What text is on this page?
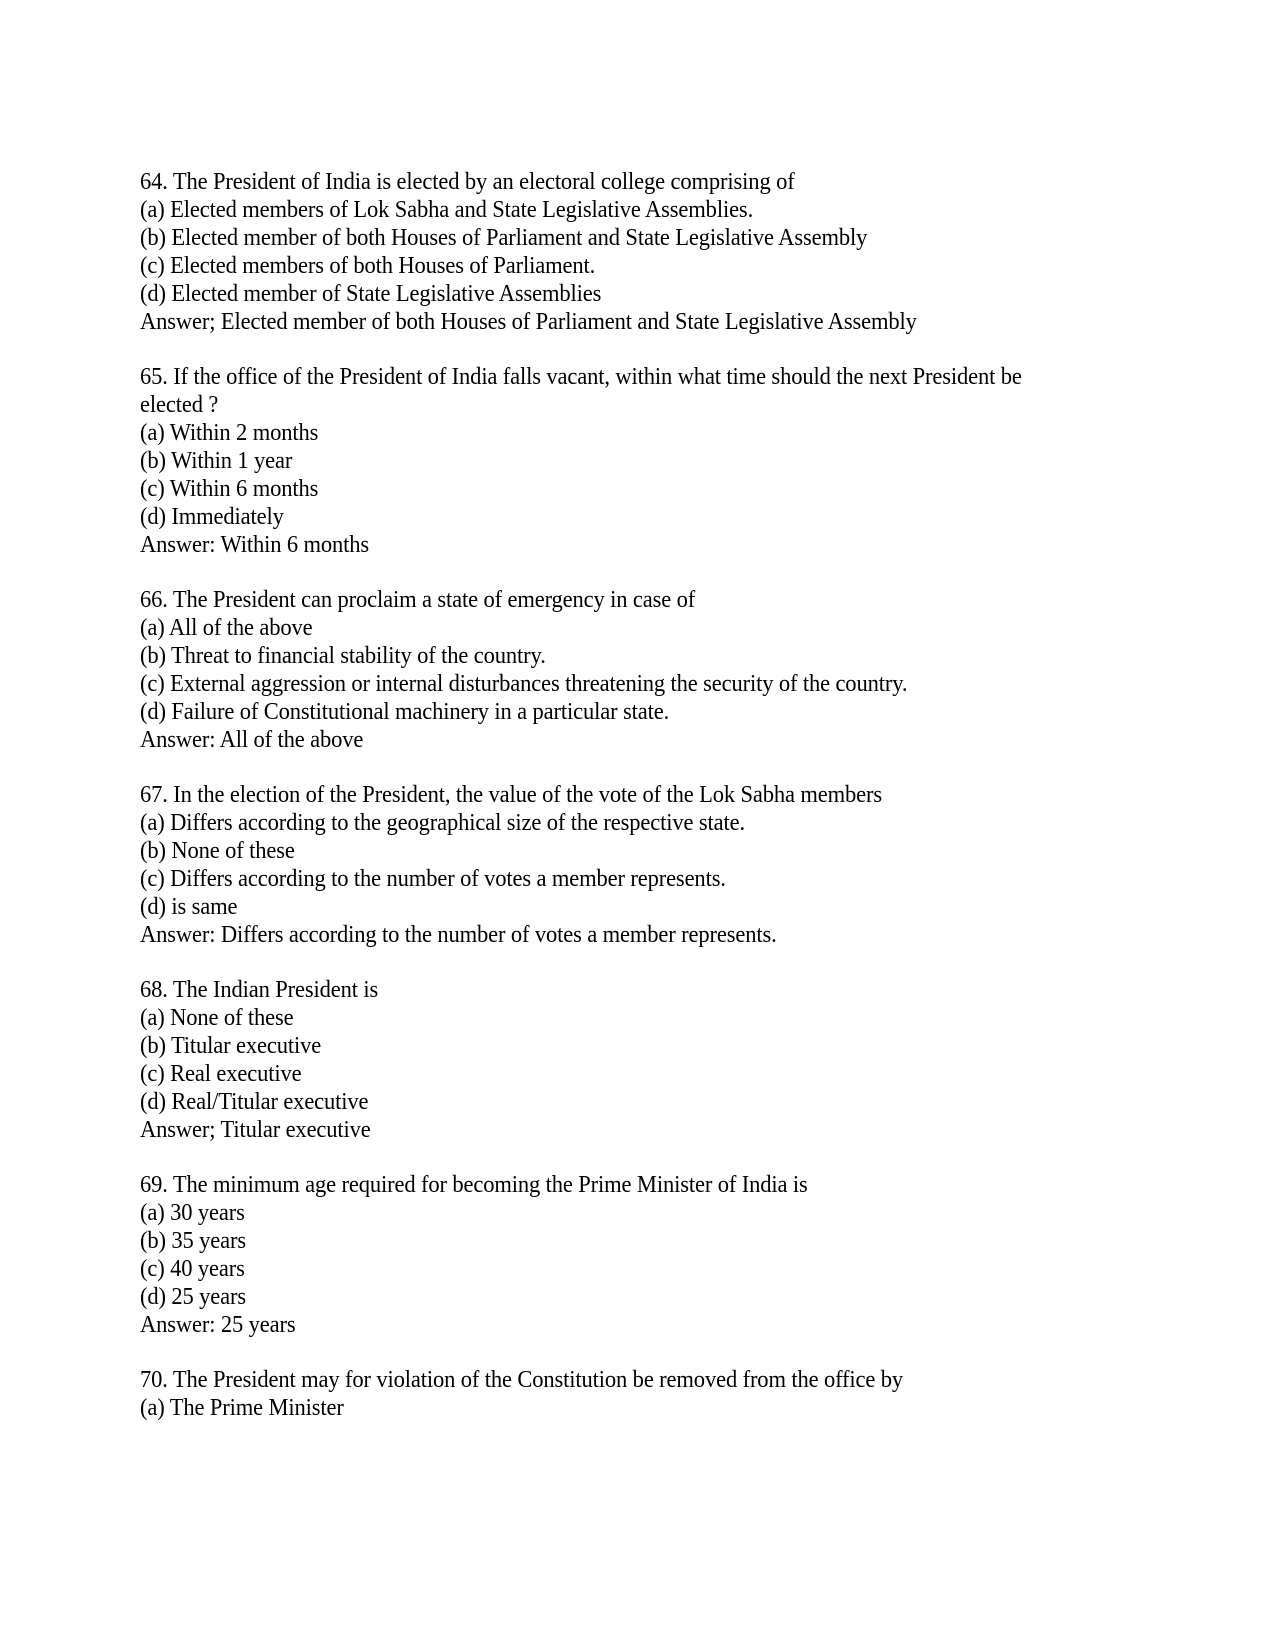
64. The President of India is elected by an electoral college comprising of
(a) Elected members of Lok Sabha and State Legislative Assemblies.
(b) Elected member of both Houses of Parliament and State Legislative Assembly
(c) Elected members of both Houses of Parliament.
(d) Elected member of State Legislative Assemblies
Answer; Elected member of both Houses of Parliament and State Legislative Assembly
65. If the office of the President of India falls vacant, within what time should the next President be elected ?
(a) Within 2 months
(b) Within 1 year
(c) Within 6 months
(d) Immediately
Answer: Within 6 months
66. The President can proclaim a state of emergency in case of
(a) All of the above
(b) Threat to financial stability of the country.
(c) External aggression or internal disturbances threatening the security of the country.
(d) Failure of Constitutional machinery in a particular state.
Answer: All of the above
67. In the election of the President, the value of the vote of the Lok Sabha members
(a) Differs according to the geographical size of the respective state.
(b) None of these
(c) Differs according to the number of votes a member represents.
(d) is same
Answer: Differs according to the number of votes a member represents.
68. The Indian President is
(a) None of these
(b) Titular executive
(c) Real executive
(d) Real/Titular executive
Answer; Titular executive
69. The minimum age required for becoming the Prime Minister of India is
(a) 30 years
(b) 35 years
(c) 40 years
(d) 25 years
Answer: 25 years
70. The President may for violation of the Constitution be removed from the office by
(a) The Prime Minister
